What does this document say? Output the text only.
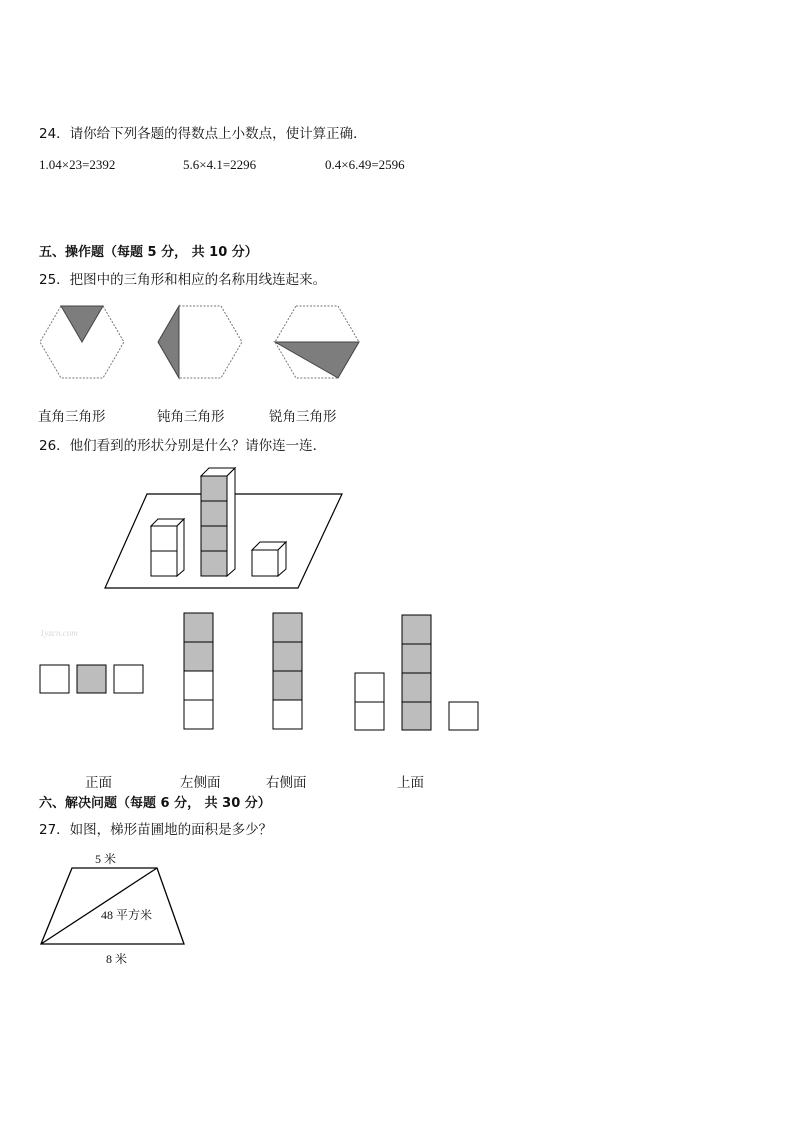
24．请你给下列各题的得数点上小数点，使计算正确．
1.04×23=2392	5.6×4.1=2296	0.4×6.49=2596
五、操作题（每题 5 分， 共 10 分）
25．把图中的三角形和相应的名称用线连起来。
直角三角形	钝角三角形	锐角三角形
26．他们看到的形状分别是什么？请你连一连．
1yzcn.com
正面	左侧面	右侧面	上面
六、解决问题（每题 6 分， 共 30 分）
27．如图，梯形苗圃地的面积是多少？
5 米
48 平方米
8 米
